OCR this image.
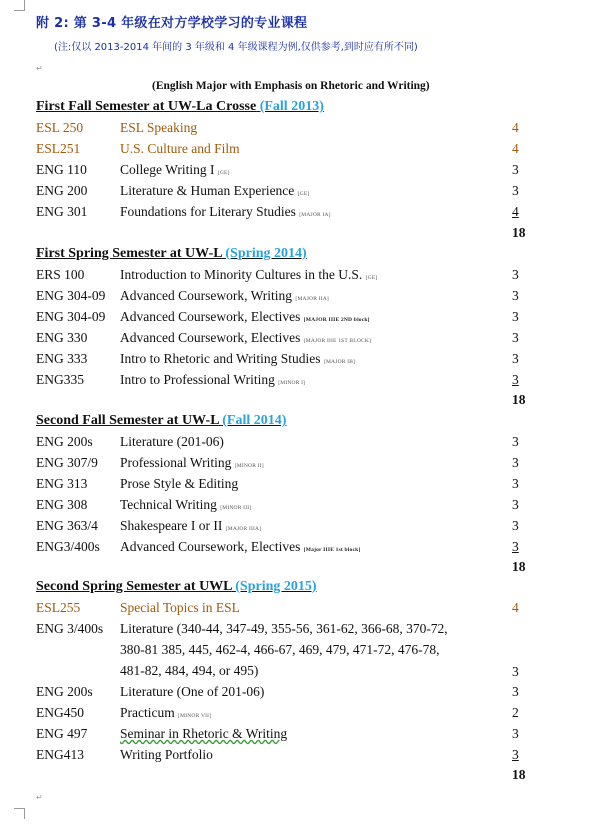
附 2: 第 3-4 年级在对方学校学习的专业课程
(注:仅以 2013-2014 年间的 3 年级和 4 年级课程为例,仅供参考,到时应有所不同)
↵
(English Major with Emphasis on Rhetoric and Writing)
First Fall Semester at UW-La Crosse (Fall 2013)
ESL 250	ESL Speaking	4
ESL251	U.S. Culture and Film	4
ENG 110 College Writing I [GE]	3
ENG 200 Literature & Human Experience [GE]	3
ENG 301 Foundations for Literary Studies [MAJOR IA]	4
18
First Spring Semester at UW-L (Spring 2014)
ERS 100	Introduction to Minority Cultures in the U.S. [GE]	3
ENG 304-09 Advanced Coursework, Writing [MAJOR IIA]	3
ENG 304-09 Advanced Coursework, Electives [MAJOR IIIE 2ND block]	3
ENG 330 Advanced Coursework, Electives [MAJOR IIIE 1ST BLOCK]	3
ENG 333 Intro to Rhetoric and Writing Studies [MAJOR IB]	3
ENG335	Intro to Professional Writing [MINOR I]	3
18
Second Fall Semester at UW-L (Fall 2014)
ENG 200s Literature (201-06)	3
ENG 307/9 Professional Writing [MINOR II]	3
ENG 313 Prose Style & Editing	3
ENG 308 Technical Writing [MINOR III]	3
ENG 363/4 Shakespeare I or II [MAJOR IIIA]	3
ENG3/400s Advanced Coursework, Electives [Major IIIE 1st block]	3
18
Second Spring Semester at UWL (Spring 2015)
ESL255	Special Topics in ESL	4
ENG 3/400s Literature (340-44, 347-49, 355-56, 361-62, 366-68, 370-72,
380-81 385, 445, 462-4, 466-67, 469, 479, 471-72, 476-78,
481-82, 484, 494, or 495)	3
ENG 200s Literature (One of 201-06)	3
ENG450	Practicum [MINOR VII]	2
ENG 497 Seminar in Rhetoric & Writing	3
ENG413	Writing Portfolio	3
18
↵
